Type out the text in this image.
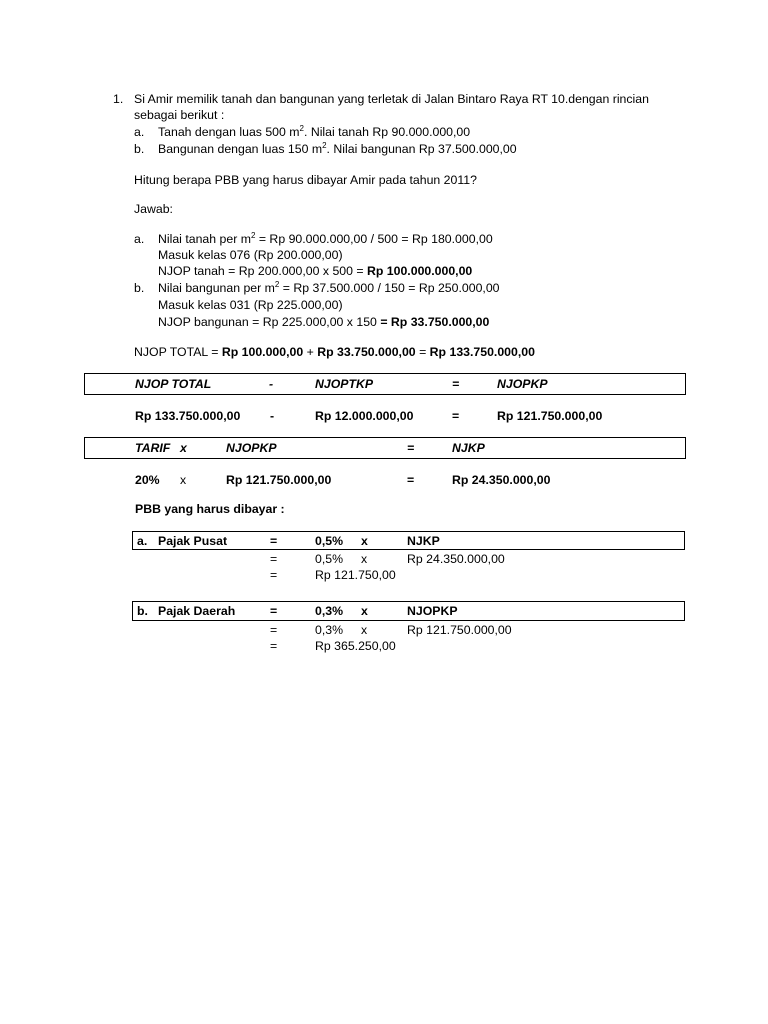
1. Si Amir memilik tanah dan bangunan yang terletak di Jalan Bintaro Raya RT 10.dengan rincian
sebagai berikut :
a. Tanah dengan luas 500 $m^2$. Nilai tanah Rp 90.000.000,00
b. Bangunan dengan luas 150 $m^2$. Nilai bangunan Rp 37.500.000,00
Hitung berapa PBB yang harus dibayar Amir pada tahun 2011?
Jawab:
a. Nilai tanah per $m^2 = Rp$ 90.000.000,00 / 500 = Rp 180.000,00
Masuk kelas 076 (Rp 200.000,00)
NJOP tanah = Rp 200.000,00 x 500 = Rp 100.000.000,00
b. Nilai bangunan per $m^2 = Rp$ 37.500.000 / 150 = Rp 250.000,00
Masuk kelas 031 (Rp 225.000,00)
NJOP bangunan = Rp 225.000,00 x 150 = Rp 33.750.000,00
NJOP TOTAL = Rp 100.000,00 + Rp 33.750.000,00 = Rp 133.750.000,00
NJOP TOTAL	-	NJOPTKP	=	NJOPKP
Rp 133.750.000,00 -	Rp 12.000.000,00	=	Rp 121.750.000,00
TARIF x	NJOPKP	=	NJKP
20% x	Rp 121.750.000,00	=	Rp 24.350.000,00
PBB yang harus dibayar :
a. Pajak Pusat	=	0,5% x	NJKP
=	0,5% x	Rp 24.350.000,00
=	Rp 121.750,00
b. Pajak Daerah	=	0,3% x	NJOPKP
=	0,3% x	Rp 121.750.000,00
=	Rp 365.250,00
